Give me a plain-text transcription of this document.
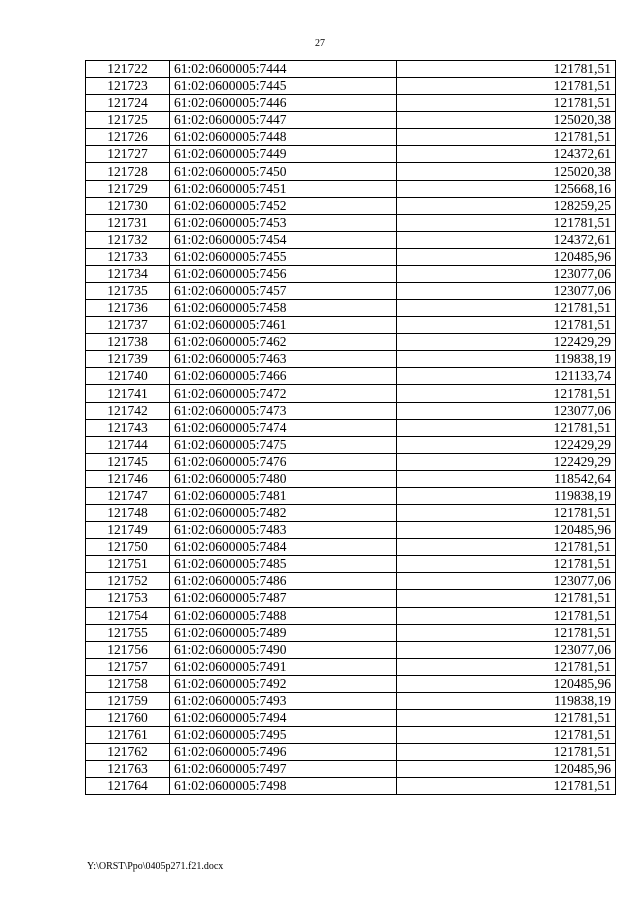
27
121722	61:02:0600005:7444	121781,51
121723	61:02:0600005:7445	121781,51
121724	61:02:0600005:7446	121781,51
121725	61:02:0600005:7447	125020,38
121726	61:02:0600005:7448	121781,51
121727	61:02:0600005:7449	124372,61
121728	61:02:0600005:7450	125020,38
121729	61:02:0600005:7451	125668,16
121730	61:02:0600005:7452	128259,25
121731	61:02:0600005:7453	121781,51
121732	61:02:0600005:7454	124372,61
121733	61:02:0600005:7455	120485,96
121734	61:02:0600005:7456	123077,06
121735	61:02:0600005:7457	123077,06
121736	61:02:0600005:7458	121781,51
121737	61:02:0600005:7461	121781,51
121738	61:02:0600005:7462	122429,29
121739	61:02:0600005:7463	119838,19
121740	61:02:0600005:7466	121133,74
121741	61:02:0600005:7472	121781,51
121742	61:02:0600005:7473	123077,06
121743	61:02:0600005:7474	121781,51
121744	61:02:0600005:7475	122429,29
121745	61:02:0600005:7476	122429,29
121746	61:02:0600005:7480	118542,64
121747	61:02:0600005:7481	119838,19
121748	61:02:0600005:7482	121781,51
121749	61:02:0600005:7483	120485,96
121750	61:02:0600005:7484	121781,51
121751	61:02:0600005:7485	121781,51
121752	61:02:0600005:7486	123077,06
121753	61:02:0600005:7487	121781,51
121754	61:02:0600005:7488	121781,51
121755	61:02:0600005:7489	121781,51
121756	61:02:0600005:7490	123077,06
121757	61:02:0600005:7491	121781,51
121758	61:02:0600005:7492	120485,96
121759	61:02:0600005:7493	119838,19
121760	61:02:0600005:7494	121781,51
121761	61:02:0600005:7495	121781,51
121762	61:02:0600005:7496	121781,51
121763	61:02:0600005:7497	120485,96
121764	61:02:0600005:7498	121781,51
Y:\ORST\Ppo\0405p271.f21.docx
